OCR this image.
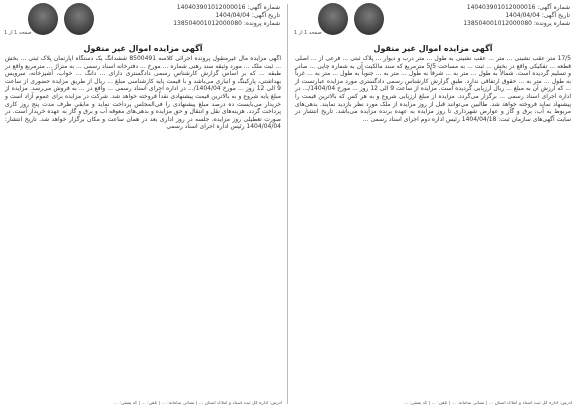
شماره آگهی: 140403901012000016
تاریخ آگهی: 1404/04/04
شماره پرونده: 138504001012000080
صفحه 1 از 1
آگهی مزایده اموال غیر منقول
آگهی مزایده مال غیرمنقول پرونده اجرائی کلاسه 8500491 ششدانگ یک دستگاه آپارتمان پلاک ثبتی ... بخش ... ثبت ملک ... مورد وثیقه سند رهنی شماره ... مورخ ... دفترخانه اسناد رسمی ... به متراژ ... مترمربع واقع در طبقه ... که بر اساس گزارش کارشناس رسمی دادگستری دارای ... دانگ ... خواب، آشپزخانه، سرویس بهداشتی، پارکینگ و انباری می‌باشد و با قیمت پایه کارشناسی مبلغ ... ریال از طریق مزایده حضوری از ساعت 9 الی 12 روز ... مورخ 1404/04/... در اداره اجرای اسناد رسمی ... واقع در ... به فروش می‌رسد. مزایده از مبلغ پایه شروع و به بالاترین قیمت پیشنهادی نقداً فروخته خواهد شد. شرکت در مزایده برای عموم آزاد است و خریدار می‌بایست ده درصد مبلغ پیشنهادی را فی‌المجلس پرداخت نماید و مابقی ظرف مدت پنج روز کاری پرداخت گردد. هزینه‌های نقل و انتقال و حق مزایده و بدهی‌های معوقه آب و برق و گاز به عهده خریدار است. در صورت تعطیلی روز مزایده، جلسه در روز اداری بعد در همان ساعت و مکان برگزار خواهد شد. تاریخ انتشار: 1404/04/04 رئیس اداره اجرای اسناد رسمی
آدرس: اداره کل ثبت اسناد و املاک استان ... | نشانی سامانه: ... | تلفن: ... | کد پستی: ...
شماره آگهی: 140403901012000016
تاریخ آگهی: 1404/04/04
شماره پرونده: 138504001012000080
صفحه 1 از 1
آگهی مزایده اموال غیر منقول
17/5 متر عقب نشینی ... متر ... عقب نشینی به طول ... متر درب و دیوار ... پلاک ثبتی ... فرعی از ... اصلی قطعه ... تفکیکی واقع در بخش ... ثبت ... به مساحت 5/5 مترمربع که سند مالکیت آن به شماره چاپی ... صادر و تسلیم گردیده است. شمالاً به طول ... متر به ... شرقاً به طول ... متر به ... جنوباً به طول ... متر به ... غرباً به طول ... متر به ... حقوق ارتفاقی ندارد. طبق گزارش کارشناس رسمی دادگستری مورد مزایده عبارتست از ... که ارزش آن به مبلغ ... ریال ارزیابی گردیده است. مزایده از ساعت 9 الی 12 روز ... مورخ 1404/04/... در اداره اجرای اسناد رسمی ... برگزار می‌گردد. مزایده از مبلغ ارزیابی شروع و به هر کس که بالاترین قیمت را پیشنهاد نماید فروخته خواهد شد. طالبین می‌توانند قبل از روز مزایده از ملک مورد نظر بازدید نمایند. بدهی‌های مربوط به آب، برق و گاز و عوارض شهرداری تا روز مزایده به عهده برنده مزایده می‌باشد. تاریخ انتشار در سایت آگهی‌های سازمان ثبت: 1404/04/18 رئیس اداره دوم اجرای اسناد رسمی ...
آدرس: اداره کل ثبت اسناد و املاک استان ... | نشانی سامانه: ... | تلفن: ... | کد پستی: ...
